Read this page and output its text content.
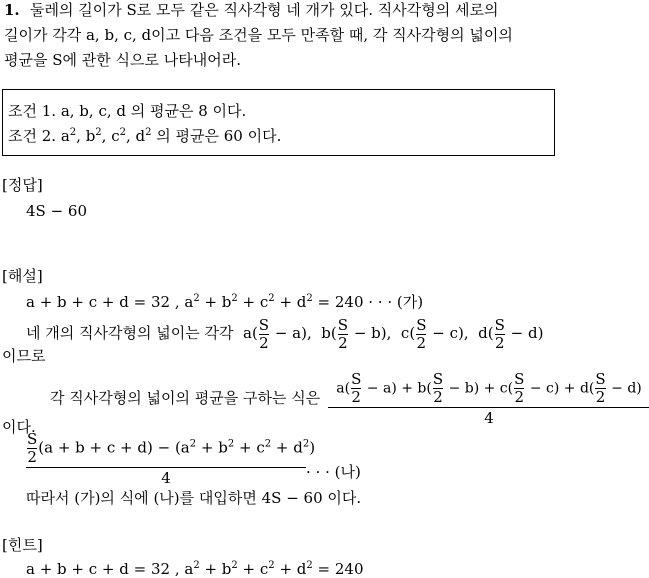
1. 둘레의 길이가 S로 모두 같은 직사각형 네 개가 있다. 직사각형의 세로의
길이가 각각 a, b, c, d이고 다음 조건을 모두 만족할 때, 각 직사각형의 넓이의
평균을 S에 관한 식으로 나타내어라.
조건 1. a, b, c, d 의 평균은 8 이다.
조건 2. $a^2$, $b^2$, $c^2$, $d^2$ 의 평균은 60 이다.
[정답]
4S − 60
[해설]
a + b + c + d = 32 , $a^2 + b^2 + c^2 + d^2 = 240$ · · · (가)
네 개의 직사각형의 넓이는 각각 $a( \frac{S}{2} - a)$, $b( \frac{S}{2} - b)$, $c( \frac{S}{2} - c)$, $d( \frac{S}{2} - d)$
이므로
각 직사각형의 넓이의 평균을 구하는 식은
$a( \frac{S}{2} - a) + b( \frac{S}{2} - b) + c( \frac{S}{2} - c) + d( \frac{S}{2} - d)$
4
이다.
$\frac{S}{2} (a + b + c + d) - (a^2 + b^2 + c^2 + d^2)$
4	· · · (나)
따라서 (가)의 식에 (나)를 대입하면 4S − 60 이다.
[힌트]
a + b + c + d = 32 , $a^2 + b^2 + c^2 + d^2 = 240$
